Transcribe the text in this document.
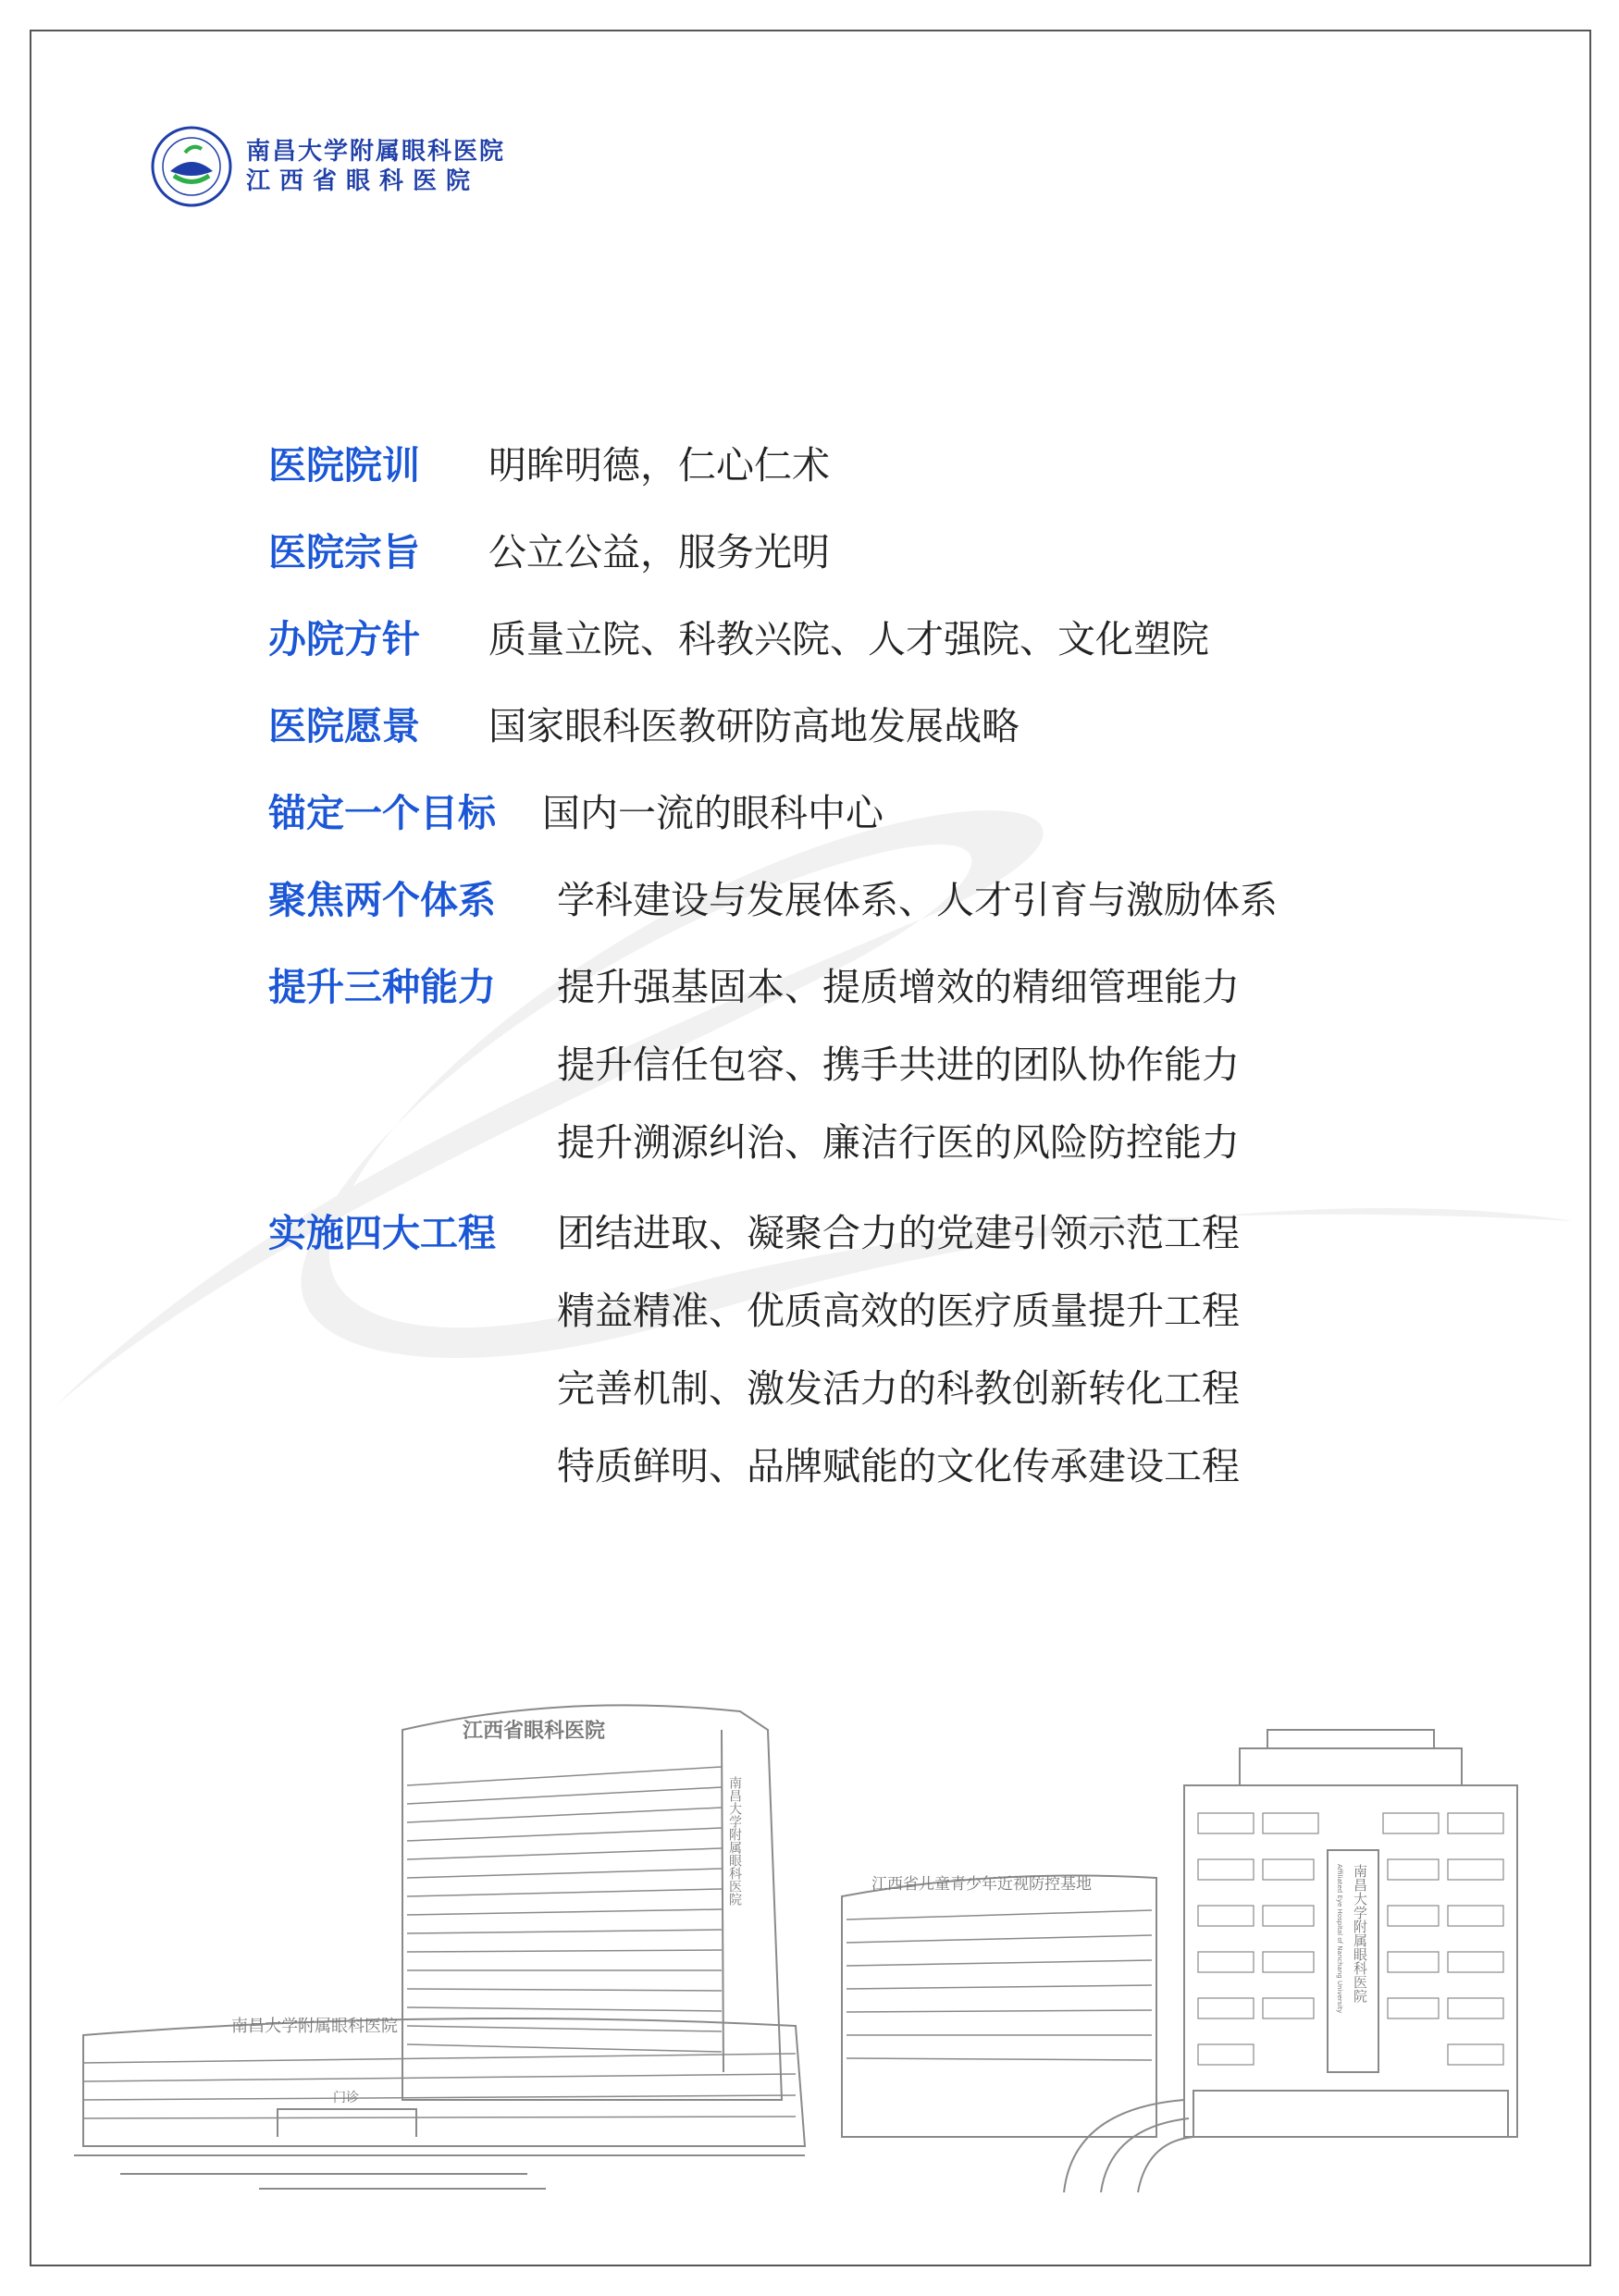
南昌大学附属眼科医院
江西省眼科医院
医院院训	明眸明德，仁心仁术
医院宗旨	公立公益，服务光明
办院方针	质量立院、科教兴院、人才强院、文化塑院
医院愿景	国家眼科医教研防高地发展战略
锚定一个目标	国内一流的眼科中心
聚焦两个体系	学科建设与发展体系、人才引育与激励体系
提升三种能力	提升强基固本、提质增效的精细管理能力
提升信任包容、携手共进的团队协作能力
提升溯源纠治、廉洁行医的风险防控能力
实施四大工程	团结进取、凝聚合力的党建引领示范工程
精益精准、优质高效的医疗质量提升工程
完善机制、激发活力的科教创新转化工程
特质鲜明、品牌赋能的文化传承建设工程
江西省眼科医院
南昌大学附属眼科医院
南昌大学附属眼科医院
门诊
江西省儿童青少年近视防控基地	南昌大学附属眼科医院
Affiliated Eye Hospital of Nanchang University
